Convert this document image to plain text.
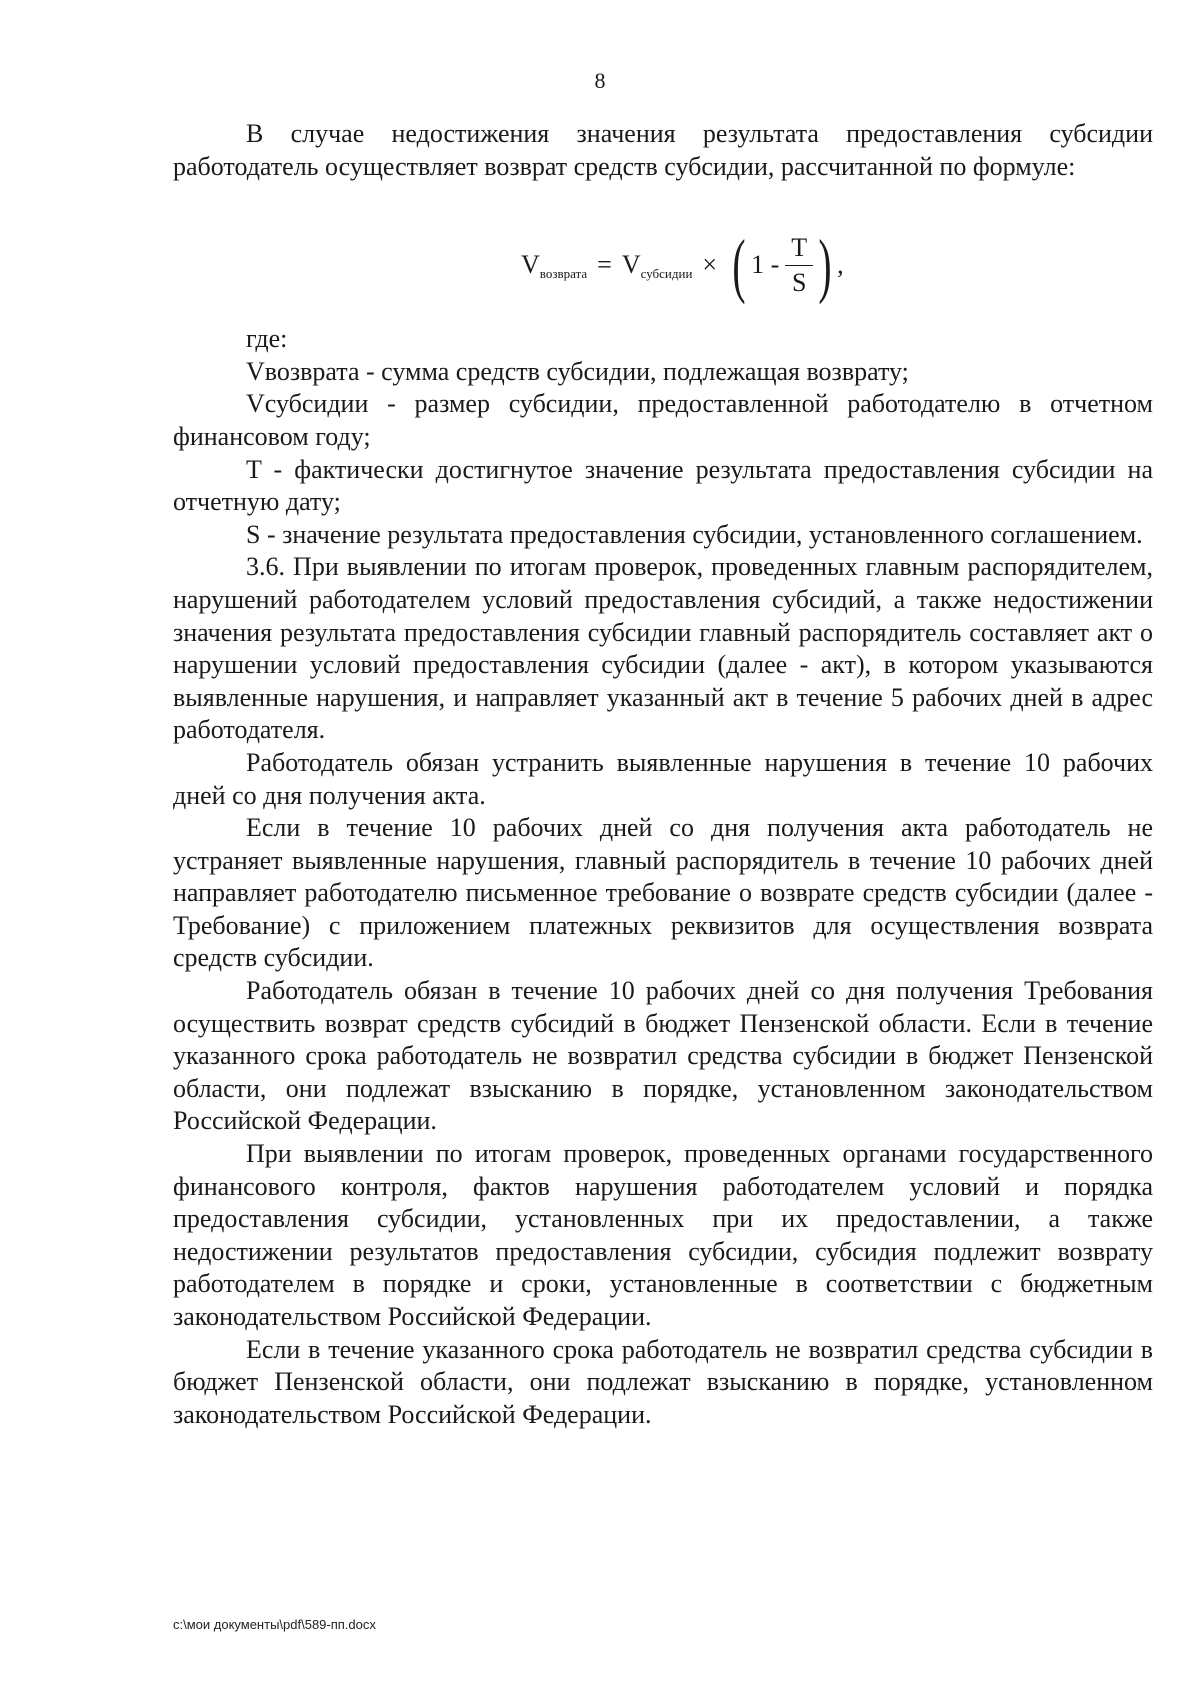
8

В случае недостижения значения результата предоставления субсидии работодатель осуществляет возврат средств субсидии, рассчитанной по формуле:

V возврата = V субсидии × ( $1 - \frac{T}{S}$ ) ,

где:

Vвозврата - сумма средств субсидии, подлежащая возврату;

Vсубсидии - размер субсидии, предоставленной работодателю в отчетном финансовом году;

T - фактически достигнутое значение результата предоставления субсидии на отчетную дату;

S - значение результата предоставления субсидии, установленного соглашением.

3.6. При выявлении по итогам проверок, проведенных главным распорядителем, нарушений работодателем условий предоставления субсидий, а также недостижении значения результата предоставления субсидии главный распорядитель составляет акт о нарушении условий предоставления субсидии (далее - акт), в котором указываются выявленные нарушения, и направляет указанный акт в течение 5 рабочих дней в адрес работодателя.

Работодатель обязан устранить выявленные нарушения в течение 10 рабочих дней со дня получения акта.

Если в течение 10 рабочих дней со дня получения акта работодатель не устраняет выявленные нарушения, главный распорядитель в течение 10 рабочих дней направляет работодателю письменное требование о возврате средств субсидии (далее - Требование) с приложением платежных реквизитов для осуществления возврата средств субсидии.

Работодатель обязан в течение 10 рабочих дней со дня получения Требования осуществить возврат средств субсидий в бюджет Пензенской области. Если в течение указанного срока работодатель не возвратил средства субсидии в бюджет Пензенской области, они подлежат взысканию в порядке, установленном законодательством Российской Федерации.

При выявлении по итогам проверок, проведенных органами государственного финансового контроля, фактов нарушения работодателем условий и порядка предоставления субсидии, установленных при их предоставлении, а также недостижении результатов предоставления субсидии, субсидия подлежит возврату работодателем в порядке и сроки, установленные в соответствии с бюджетным законодательством Российской Федерации.

Если в течение указанного срока работодатель не возвратил средства субсидии в бюджет Пензенской области, они подлежат взысканию в порядке, установленном законодательством Российской Федерации.

c:\мои документы\pdf\589-пп.docx
